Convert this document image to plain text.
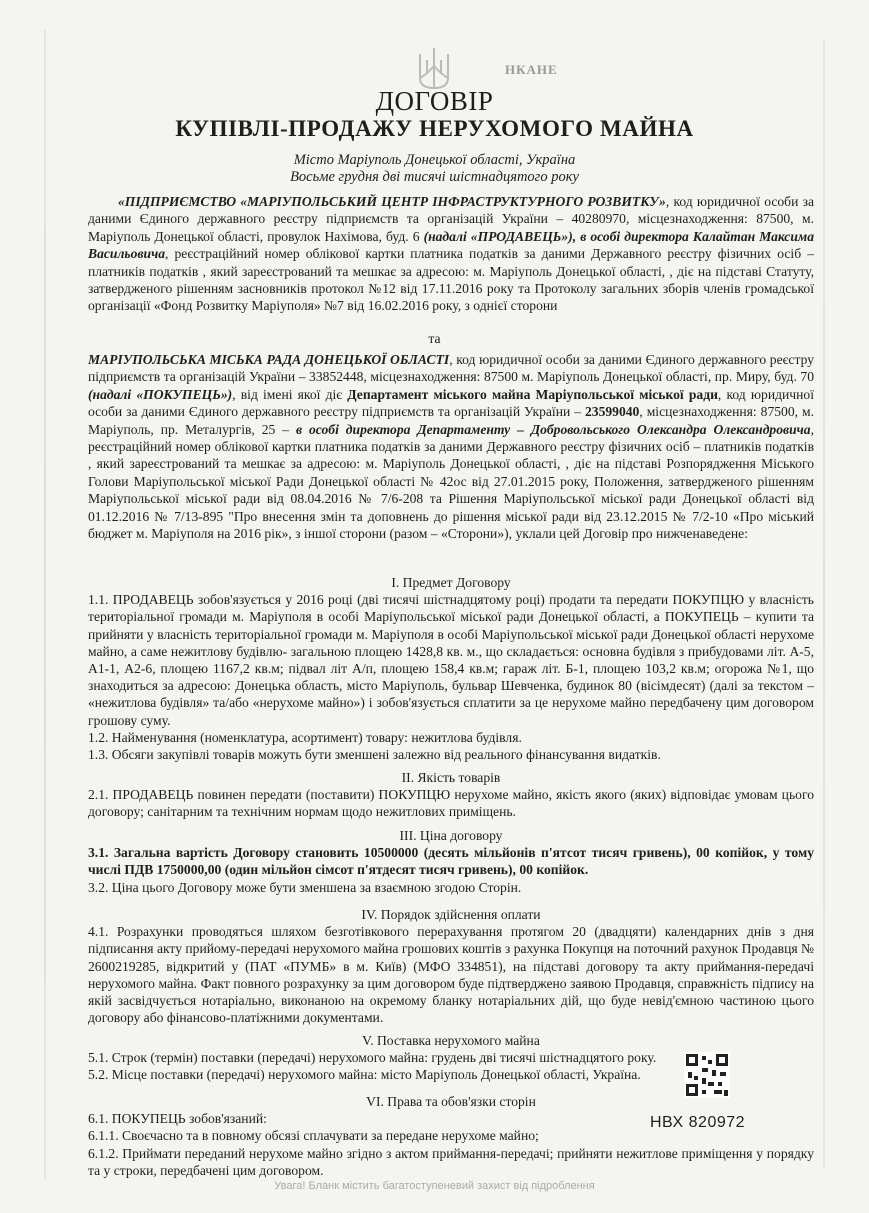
НКАНЕ
ДОГОВІР
КУПІВЛІ-ПРОДАЖУ НЕРУХОМОГО МАЙНА
Місто Маріуполь Донецької області, Україна
Восьме грудня дві тисячі шістнадцятого року
«ПІДПРИЄМСТВО «МАРІУПОЛЬСЬКИЙ ЦЕНТР ІНФРАСТРУКТУРНОГО РОЗВИТКУ», код юридичної особи за даними Єдиного державного реєстру підприємств та організацій України – 40280970, місцезнаходження: 87500, м. Маріуполь Донецької області, провулок Нахімова, буд. 6 (надалі «ПРОДАВЕЦЬ»), в особі директора Калайтан Максима Васильовича, реєстраційний номер облікової картки платника податків за даними Державного реєстру фізичних осіб – платників податків , який зареєстрований та мешкає за адресою: м. Маріуполь Донецької області, , діє на підставі Статуту, затвердженого рішенням засновників протокол №12 від 17.11.2016 року та Протоколу загальних зборів членів громадської організації «Фонд Розвитку Маріуполя» №7 від 16.02.2016 року, з однієї сторони
та
МАРІУПОЛЬСЬКА МІСЬКА РАДА ДОНЕЦЬКОЇ ОБЛАСТІ, код юридичної особи за даними Єдиного державного реєстру підприємств та організацій України – 33852448, місцезнаходження: 87500 м. Маріуполь Донецької області, пр. Миру, буд. 70 (надалі «ПОКУПЕЦЬ»), від імені якої діє Департамент міського майна Маріупольської міської ради, код юридичної особи за даними Єдиного державного реєстру підприємств та організацій України – 23599040, місцезнаходження: 87500, м. Маріуполь, пр. Металургів, 25 – в особі директора Департаменту – Добровольського Олександра Олександровича, реєстраційний номер облікової картки платника податків за даними Державного реєстру фізичних осіб – платників податків , який зареєстрований та мешкає за адресою: м. Маріуполь Донецької області, , діє на підставі Розпорядження Міського Голови Маріупольської міської Ради Донецької області № 42ос від 27.01.2015 року, Положення, затвердженого рішенням Маріупольської міської ради від 08.04.2016 № 7/6-208 та Рішення Маріупольської міської ради Донецької області від 01.12.2016 № 7/13-895 "Про внесення змін та доповнень до рішення міської ради від 23.12.2015 № 7/2-10 «Про міський бюджет м. Маріуполя на 2016 рік», з іншої сторони (разом – «Сторони»), уклали цей Договір про нижченаведене:
І. Предмет Договору
1.1. ПРОДАВЕЦЬ зобов'язується у 2016 році (дві тисячі шістнадцятому році) продати та передати ПОКУПЦЮ у власність територіальної громади м. Маріуполя в особі Маріупольської міської ради Донецької області, а ПОКУПЕЦЬ – купити та прийняти у власність територіальної громади м. Маріуполя в особі Маріупольської міської ради Донецької області нерухоме майно, а саме нежитлову будівлю- загальною площею 1428,8 кв. м., що складається: основна будівля з прибудовами літ. А-5, А1-1, А2-6, площею 1167,2 кв.м; підвал літ А/п, площею 158,4 кв.м; гараж літ. Б-1, площею 103,2 кв.м; огорожа №1, що знаходиться за адресою: Донецька область, місто Маріуполь, бульвар Шевченка, будинок 80 (вісімдесят) (далі за текстом – «нежитлова будівля» та/або «нерухоме майно») і зобов'язується сплатити за це нерухоме майно передбачену цим договором грошову суму.
1.2. Найменування (номенклатура, асортимент) товару: нежитлова будівля.
1.3. Обсяги закупівлі товарів можуть бути зменшені залежно від реального фінансування видатків.
ІІ. Якість товарів
2.1. ПРОДАВЕЦЬ повинен передати (поставити) ПОКУПЦЮ нерухоме майно, якість якого (яких) відповідає умовам цього договору; санітарним та технічним нормам щодо нежитлових приміщень.
ІІІ. Ціна договору
3.1. Загальна вартість Договору становить 10500000 (десять мільйонів п'ятсот тисяч гривень), 00 копійок, у тому числі ПДВ 1750000,00 (один мільйон сімсот п'ятдесят тисяч гривень), 00 копійок.
3.2. Ціна цього Договору може бути зменшена за взаємною згодою Сторін.
IV. Порядок здійснення оплати
4.1. Розрахунки проводяться шляхом безготівкового перерахування протягом 20 (двадцяти) календарних днів з дня підписання акту прийому-передачі нерухомого майна грошових коштів з рахунка Покупця на поточний рахунок Продавця № 2600219285, відкритий у (ПАТ «ПУМБ» в м. Київ) (МФО 334851), на підставі договору та акту приймання-передачі нерухомого майна. Факт повного розрахунку за цим договором буде підтверджено заявою Продавця, справжність підпису на якій засвідчується нотаріально, виконаною на окремому бланку нотаріальних дій, що буде невід'ємною частиною цього договору або фінансово-платіжними документами.
V. Поставка нерухомого майна
5.1. Строк (термін) поставки (передачі) нерухомого майна: грудень дві тисячі шістнадцятого року.
5.2. Місце поставки (передачі) нерухомого майна: місто Маріуполь Донецької області, Україна.
VI. Права та обов'язки сторін
6.1. ПОКУПЕЦЬ зобов'язаний:
6.1.1. Своєчасно та в повному обсязі сплачувати за передане нерухоме майно;
6.1.2. Приймати переданий нерухоме майно згідно з актом приймання-передачі; прийняти нежитлове приміщення у порядку та у строки, передбачені цим договором.
НВХ 820972
Увага! Бланк містить багатоступеневий захист від підроблення
